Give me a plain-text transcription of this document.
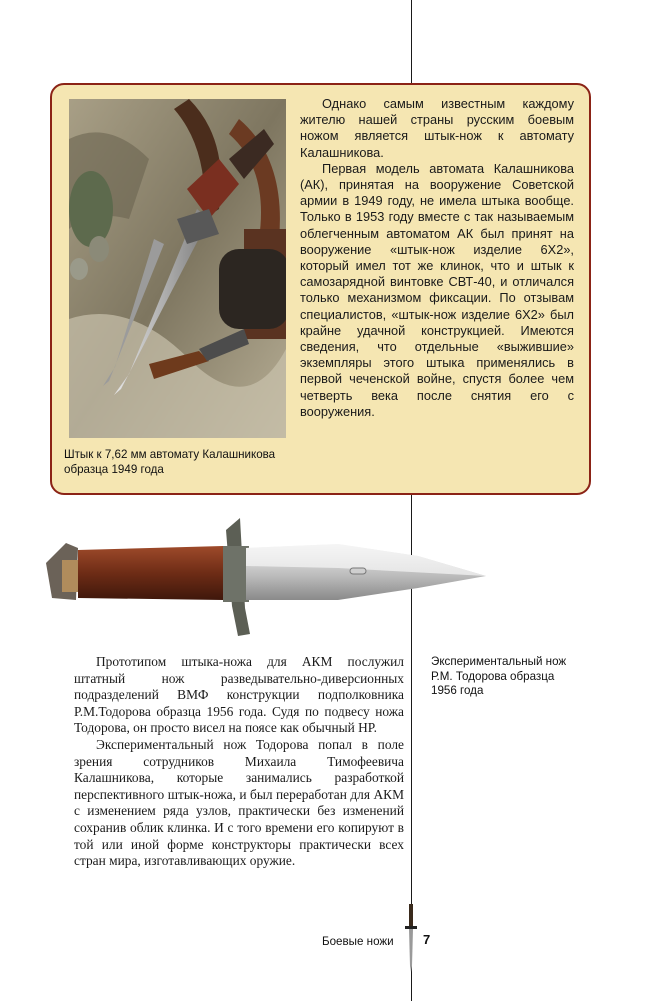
Штык к 7,62 мм автомату Калашникова образца 1949 года

Однако самым известным каждому жителю нашей страны русским боевым ножом является штык-нож к автомату Калашникова.

Первая модель автомата Калашникова (АК), принятая на вооружение Советской армии в 1949 году, не имела штыка вообще. Только в 1953 году вместе с так называемым облегченным автоматом АК был принят на вооружение «штык-нож изделие 6Х2», который имел тот же клинок, что и штык к самозарядной винтовке СВТ-40, и отличался только механизмом фиксации. По отзывам специалистов, «штык-нож изделие 6Х2» был крайне удачной конструкцией. Имеются сведения, что отдельные «выжившие» экземпляры этого штыка применялись в первой чеченской войне, спустя более чем четверть века после снятия его с вооружения.

Экспериментальный нож Р.М. Тодорова образца 1956 года

Прототипом штыка-ножа для АКМ послужил штатный нож разведывательно-диверсионных подразделений ВМФ конструкции подполковника Р.М.Тодорова образца 1956 года. Судя по подвесу ножа Тодорова, он просто висел на поясе как обычный НР.

Экспериментальный нож Тодорова попал в поле зрения сотрудников Михаила Тимофеевича Калашникова, которые занимались разработкой перспективного штык-ножа, и был переработан для АКМ с изменением ряда узлов, практически без изменений сохранив облик клинка. И с того времени его копируют в той или иной форме конструкторы практически всех стран мира, изготавливающих оружие.

Боевые ножи 7
